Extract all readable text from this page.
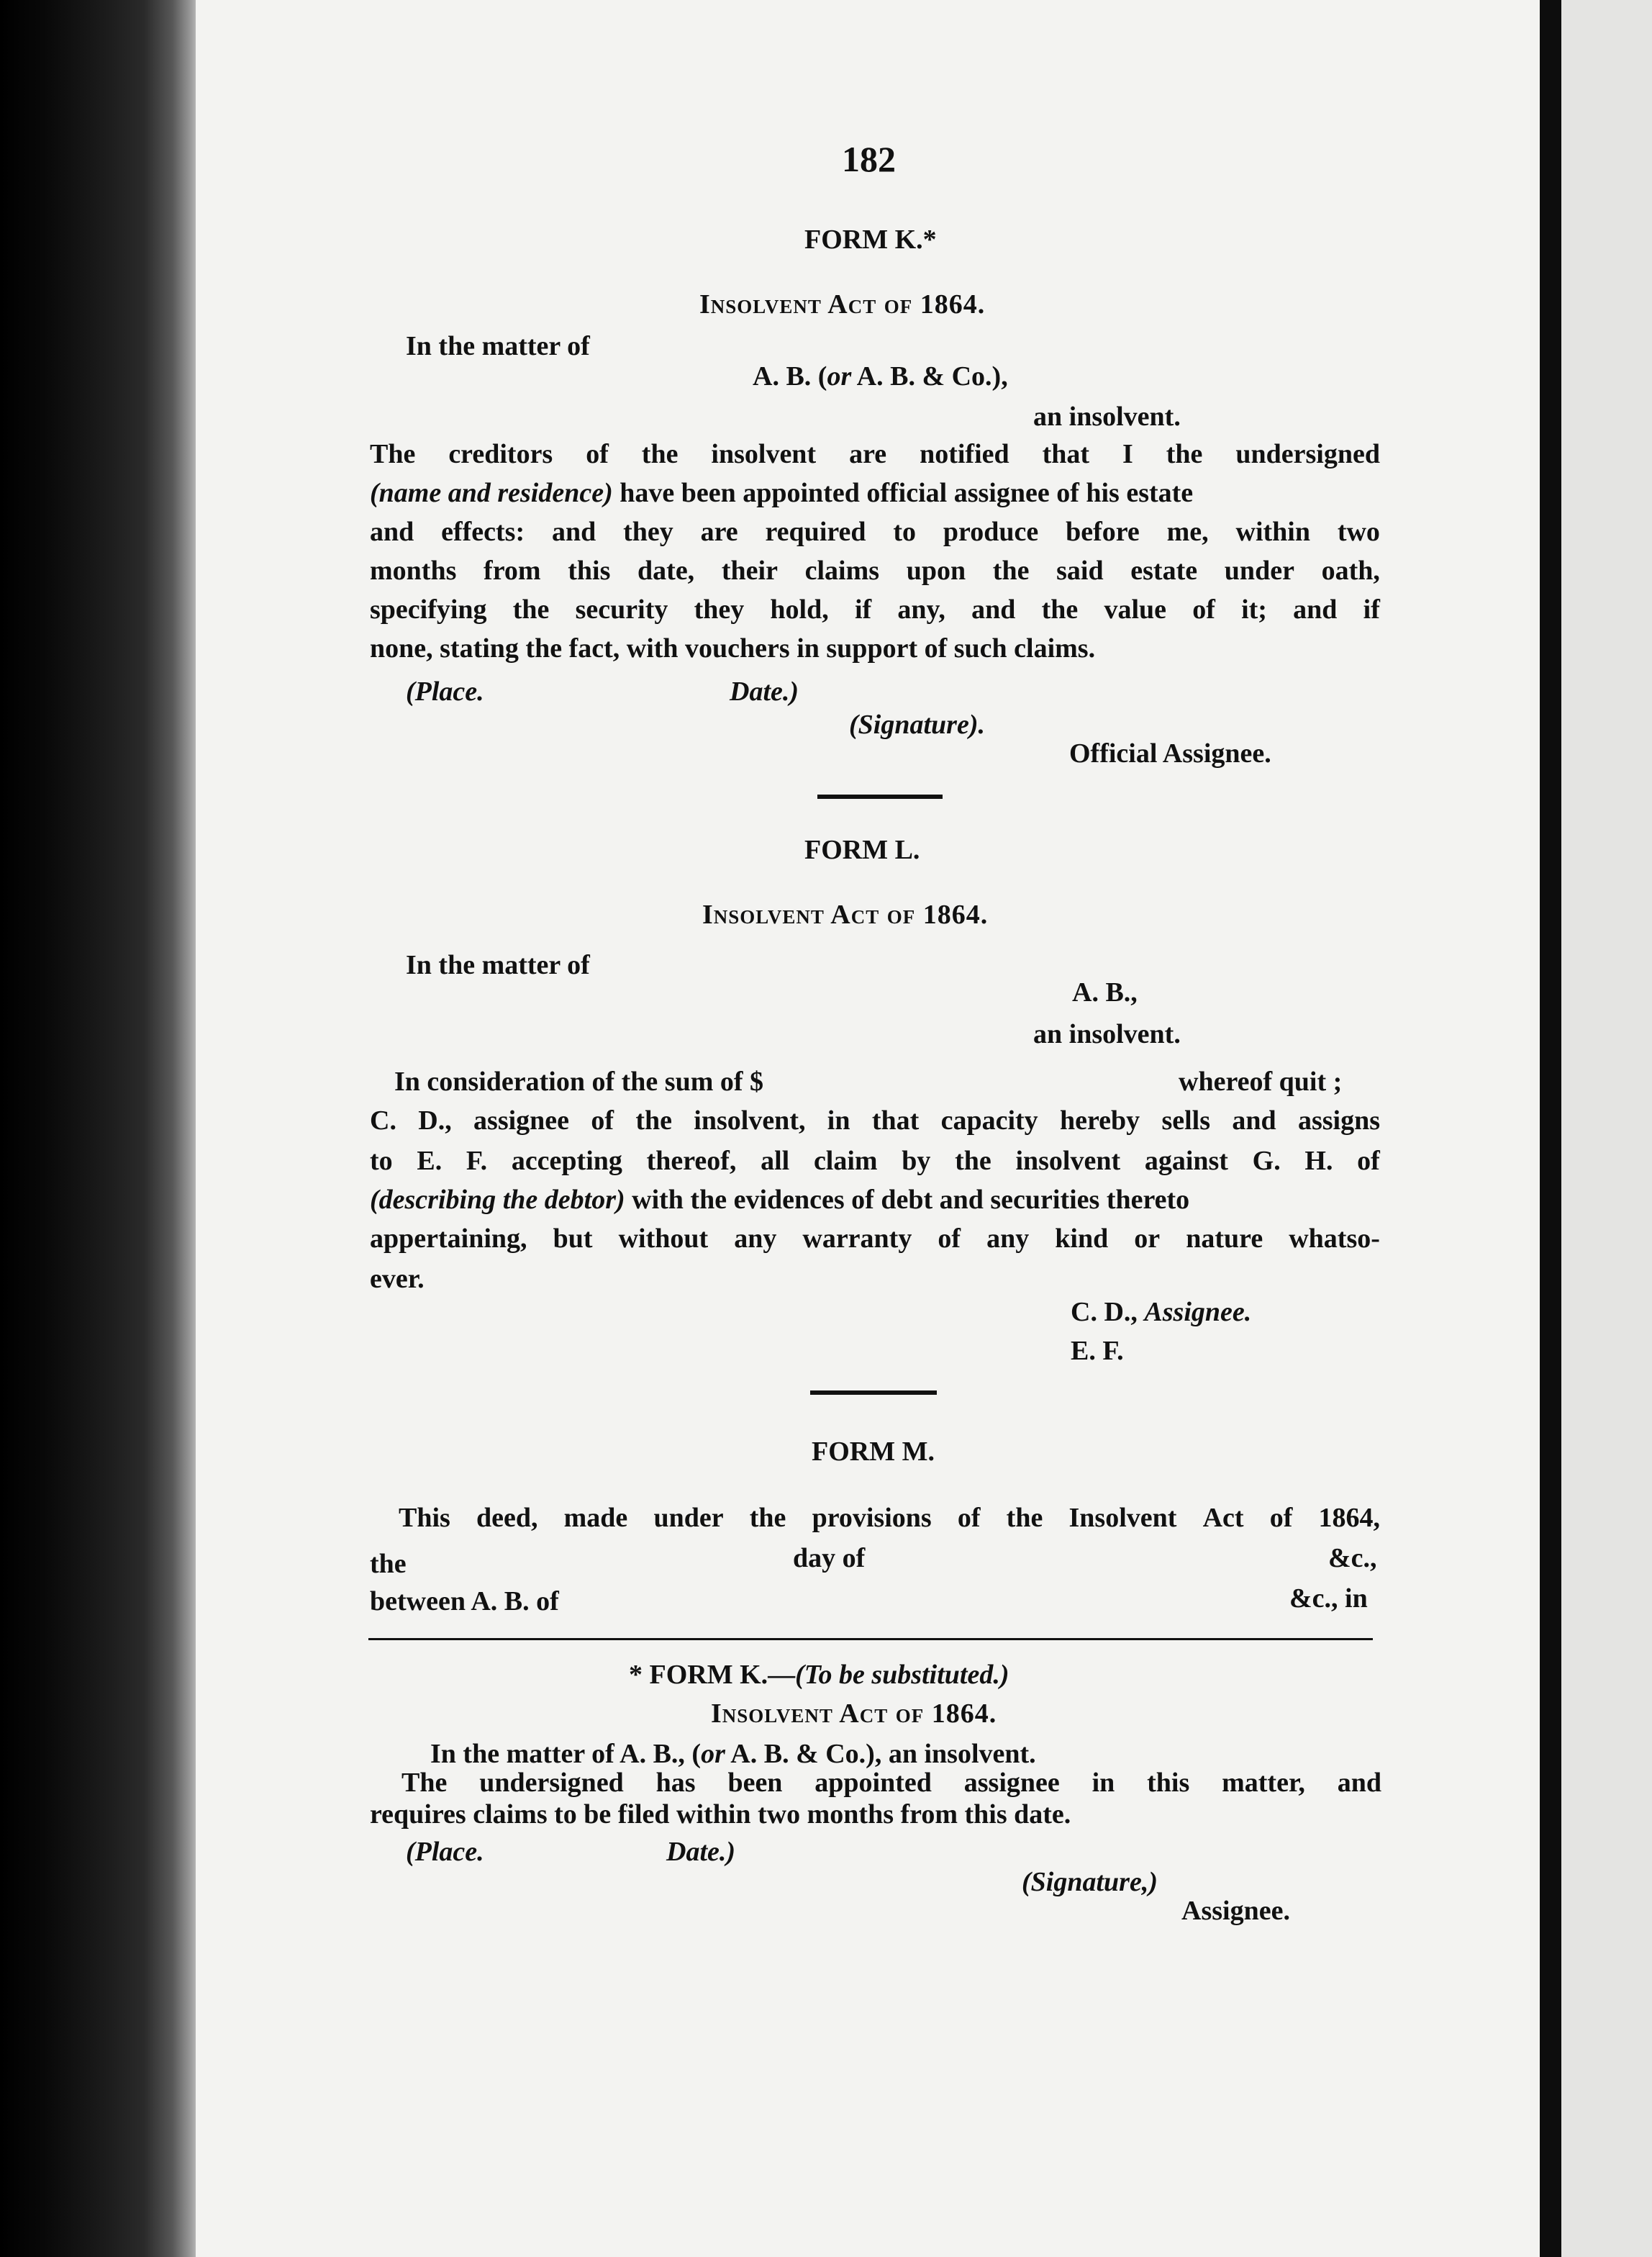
182
FORM K.*
Insolvent Act of 1864.
In the matter of
A. B. (or A. B. & Co.),
an insolvent.
The creditors of the insolvent are notified that I the undersigned
(name and residence) have been appointed official assignee of his estate
and effects: and they are required to produce before me, within two
months from this date, their claims upon the said estate under oath,
specifying the security they hold, if any, and the value of it; and if
none, stating the fact, with vouchers in support of such claims.
(Place.	Date.)
(Signature).
Official Assignee.
FORM L.
Insolvent Act of 1864.
In the matter of
A. B.,
an insolvent.
In consideration of the sum of $	whereof quit ;
C. D., assignee of the insolvent, in that capacity hereby sells and assigns
to E. F. accepting thereof, all claim by the insolvent against G. H. of
(describing the debtor) with the evidences of debt and securities thereto
appertaining, but without any warranty of any kind or nature whatso-
ever.
C. D., Assignee.
E. F.
FORM M.
This deed, made under the provisions of the Insolvent Act of 1864,
the	day of	&c.,
between A. B. of	&c., in
* FORM K.—(To be substituted.)
Insolvent Act of 1864.
In the matter of A. B., (or A. B. & Co.), an insolvent.
The undersigned has been appointed assignee in this matter, and
requires claims to be filed within two months from this date.
(Place.	Date.)
(Signature,)
Assignee.
